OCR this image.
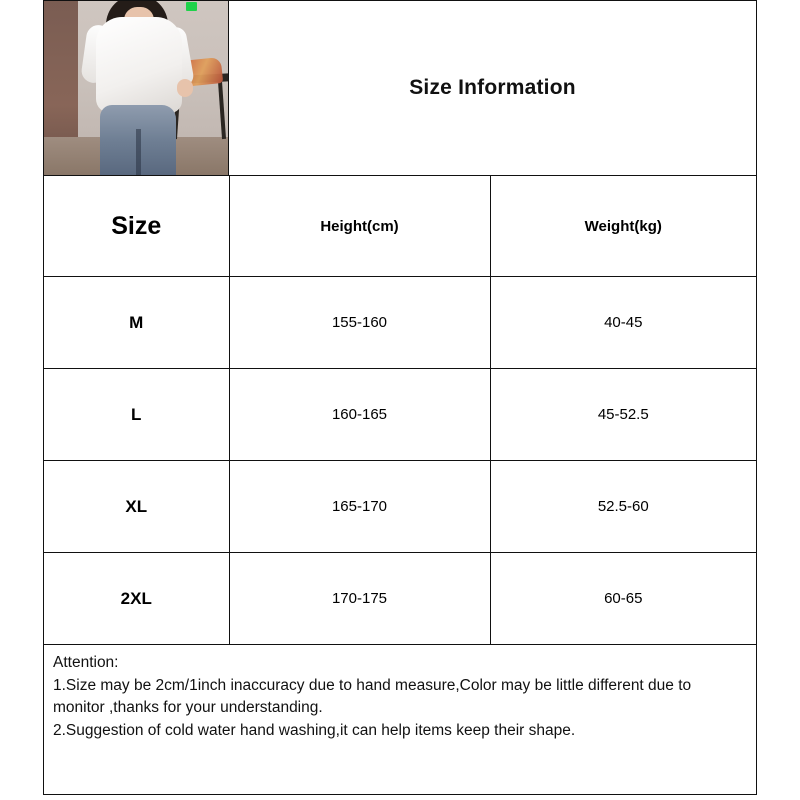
Size Information
Size	Height(cm)	Weight(kg)
M	155-160	40-45
L	160-165	45-52.5
XL	165-170	52.5-60
2XL	170-175	60-65

Attention:

1.Size may be 2cm/1inch inaccuracy due to hand measure,Color may be little different due to monitor ,thanks for your understanding.

2.Suggestion of cold water hand washing,it can help items keep their shape.
